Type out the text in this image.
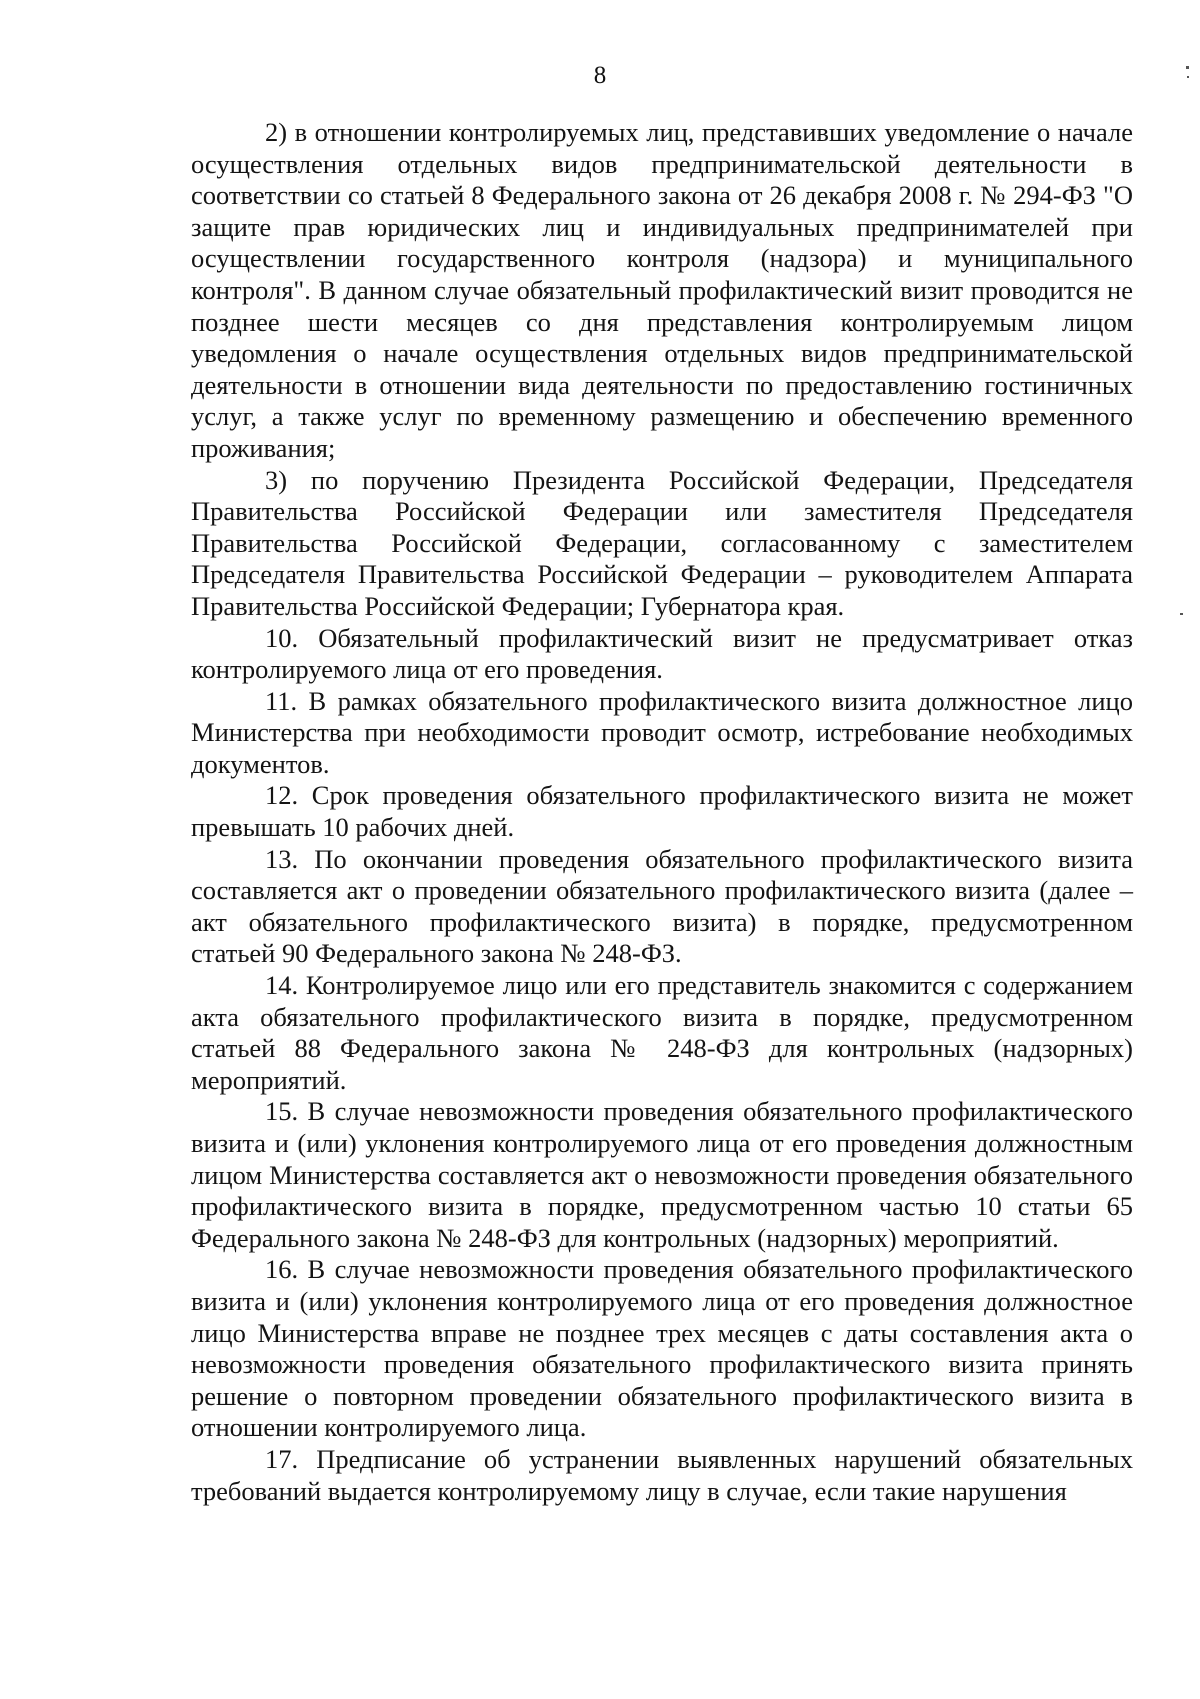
8

2) в отношении контролируемых лиц, представивших уведомление о начале осуществления отдельных видов предпринимательской деятельности в соответствии со статьей 8 Федерального закона от 26 декабря 2008 г. № 294-ФЗ "О защите прав юридических лиц и индивидуальных предпринимателей при осуществлении государственного контроля (надзора) и муниципального контроля". В данном случае обязательный профилактический визит проводится не позднее шести месяцев со дня представления контролируемым лицом уведомления о начале осуществления отдельных видов предпринимательской деятельности в отношении вида деятельности по предоставлению гостиничных услуг, а также услуг по временному размещению и обеспечению временного проживания;

3) по поручению Президента Российской Федерации, Председателя Правительства Российской Федерации или заместителя Председателя Правительства Российской Федерации, согласованному с заместителем Председателя Правительства Российской Федерации – руководителем Аппарата Правительства Российской Федерации; Губернатора края.

10. Обязательный профилактический визит не предусматривает отказ контролируемого лица от его проведения.

11. В рамках обязательного профилактического визита должностное лицо Министерства при необходимости проводит осмотр, истребование необходимых документов.

12. Срок проведения обязательного профилактического визита не может превышать 10 рабочих дней.

13. По окончании проведения обязательного профилактического визита составляется акт о проведении обязательного профилактического визита (далее – акт обязательного профилактического визита) в порядке, предусмотренном статьей 90 Федерального закона № 248-ФЗ.

14. Контролируемое лицо или его представитель знакомится с содержанием акта обязательного профилактического визита в порядке, предусмотренном статьей 88 Федерального закона № 248-ФЗ для контрольных (надзорных) мероприятий.

15. В случае невозможности проведения обязательного профилактического визита и (или) уклонения контролируемого лица от его проведения должностным лицом Министерства составляется акт о невозможности проведения обязательного профилактического визита в порядке, предусмотренном частью 10 статьи 65 Федерального закона № 248-ФЗ для контрольных (надзорных) мероприятий.

16. В случае невозможности проведения обязательного профилактического визита и (или) уклонения контролируемого лица от его проведения должностное лицо Министерства вправе не позднее трех месяцев с даты составления акта о невозможности проведения обязательного профилактического визита принять решение о повторном проведении обязательного профилактического визита в отношении контролируемого лица.

17. Предписание об устранении выявленных нарушений обязательных требований выдается контролируемому лицу в случае, если такие нарушения
